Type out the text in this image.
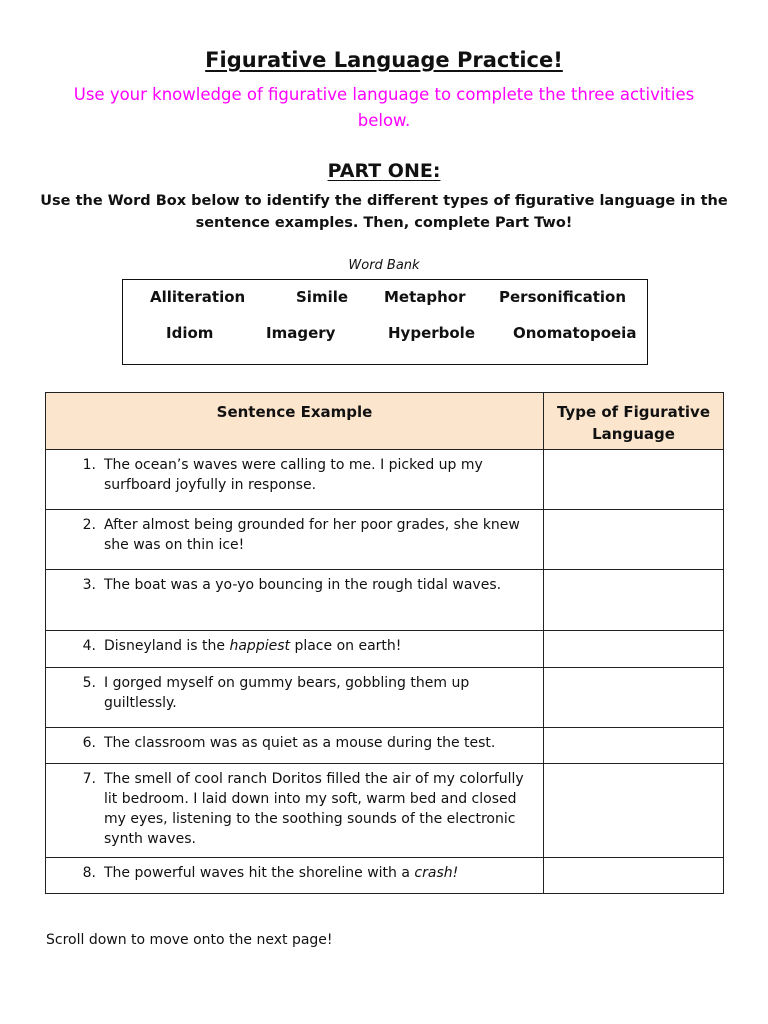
Figurative Language Practice!
Use your knowledge of figurative language to complete the three activities below.
PART ONE:
Use the Word Box below to identify the different types of figurative language in the sentence examples. Then, complete Part Two!
Word Bank
Alliteration	Simile Metaphor Personification
Idiom	Imagery	Hyperbole	Onomatopoeia
Sentence Example	Type of Figurative Language

1. The ocean’s waves were calling to me. I picked up my surfboard joyfully in response.	

2. After almost being grounded for her poor grades, she knew she was on thin ice!	

3. The boat was a yo-yo bouncing in the rough tidal waves.	

4. Disneyland is the happiest place on earth!	

5. I gorged myself on gummy bears, gobbling them up guiltlessly.	

6. The classroom was as quiet as a mouse during the test.	

7. The smell of cool ranch Doritos filled the air of my colorfully lit bedroom. I laid down into my soft, warm bed and closed my eyes, listening to the soothing sounds of the electronic synth waves.	

8. The powerful waves hit the shoreline with a crash!	

Scroll down to move onto the next page!
